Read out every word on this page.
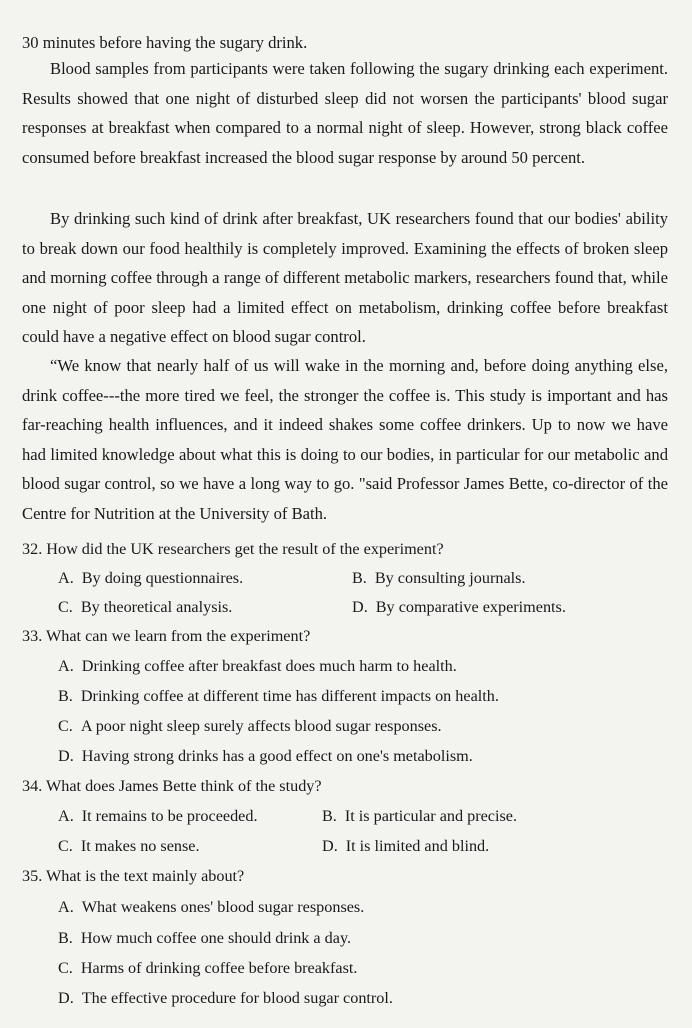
30 minutes before having the sugary drink.

Blood samples from participants were taken following the sugary drinking each experiment. Results showed that one night of disturbed sleep did not worsen the participants' blood sugar responses at breakfast when compared to a normal night of sleep. However, strong black coffee consumed before breakfast increased the blood sugar response by around 50 percent.

By drinking such kind of drink after breakfast, UK researchers found that our bodies' ability to break down our food healthily is completely improved. Examining the effects of broken sleep and morning coffee through a range of different metabolic markers, researchers found that, while one night of poor sleep had a limited effect on metabolism, drinking coffee before breakfast could have a negative effect on blood sugar control.

“We know that nearly half of us will wake in the morning and, before doing anything else, drink coffee---the more tired we feel, the stronger the coffee is. This study is important and has far-reaching health influences, and it indeed shakes some coffee drinkers. Up to now we have had limited knowledge about what this is doing to our bodies, in particular for our metabolic and blood sugar control, so we have a long way to go. "said Professor James Bette, co-director of the Centre for Nutrition at the University of Bath.

32. How did the UK researchers get the result of the experiment?

A. By doing questionnaires.	B. By consulting journals.

C. By theoretical analysis.	D. By comparative experiments.

33. What can we learn from the experiment?

A. Drinking coffee after breakfast does much harm to health.

B. Drinking coffee at different time has different impacts on health.

C. A poor night sleep surely affects blood sugar responses.

D. Having strong drinks has a good effect on one's metabolism.

34. What does James Bette think of the study?

A. It remains to be proceeded.	B. It is particular and precise.

C. It makes no sense.	D. It is limited and blind.

35. What is the text mainly about?

A. What weakens ones' blood sugar responses.

B. How much coffee one should drink a day.

C. Harms of drinking coffee before breakfast.

D. The effective procedure for blood sugar control.
